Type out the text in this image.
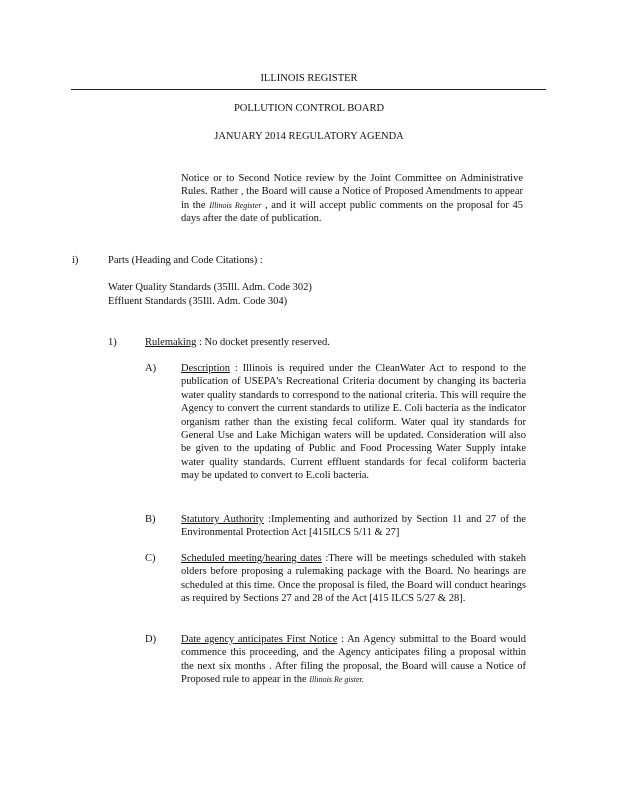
ILLINOIS REGISTER
POLLUTION CONTROL BOARD
JANUARY 2014 REGULATORY AGENDA

Notice or to Second Notice review by the Joint Committee on Administrative Rules. Rather , the Board will cause a Notice of Proposed Amendments to appear in the Illinois Register , and it will accept public comments on the proposal for 45 days after the date of publication.

i)	Parts (Heading and Code Citations) :
Water Quality Standards (35Ill. Adm. Code 302)
Effluent Standards (35Ill. Adm. Code 304)
1)	Rulemaking : No docket presently reserved.

A) Description : Illinois is required under the CleanWater Act to respond to the publication of USEPA's Recreational Criteria document by changing its bacteria water quality standards to correspond to the national criteria. This will require the Agency to convert the current standards to utilize E. Coli bacteria as the indicator organism rather than the existing fecal coliform. Water qual ity standards for General Use and Lake Michigan waters will be updated. Consideration will also be given to the updating of Public and Food Processing Water Supply intake water quality standards. Current effluent standards for fecal coliform bacteria may be updated to convert to E.coli bacteria.

B) Statutory Authority :Implementing and authorized by Section 11 and 27 of the Environmental Protection Act [415ILCS 5/11 & 27]

C) Scheduled meeting/hearing dates :There will be meetings scheduled with stakeh olders before proposing a rulemaking package with the Board. No hearings are scheduled at this time. Once the proposal is filed, the Board will conduct hearings as required by Sections 27 and 28 of the Act [415 ILCS 5/27 & 28].

D) Date agency anticipates First Notice : An Agency submittal to the Board would commence this proceeding, and the Agency anticipates filing a proposal within the next six months . After filing the proposal, the Board will cause a Notice of Proposed rule to appear in the Illinois Re gister.
